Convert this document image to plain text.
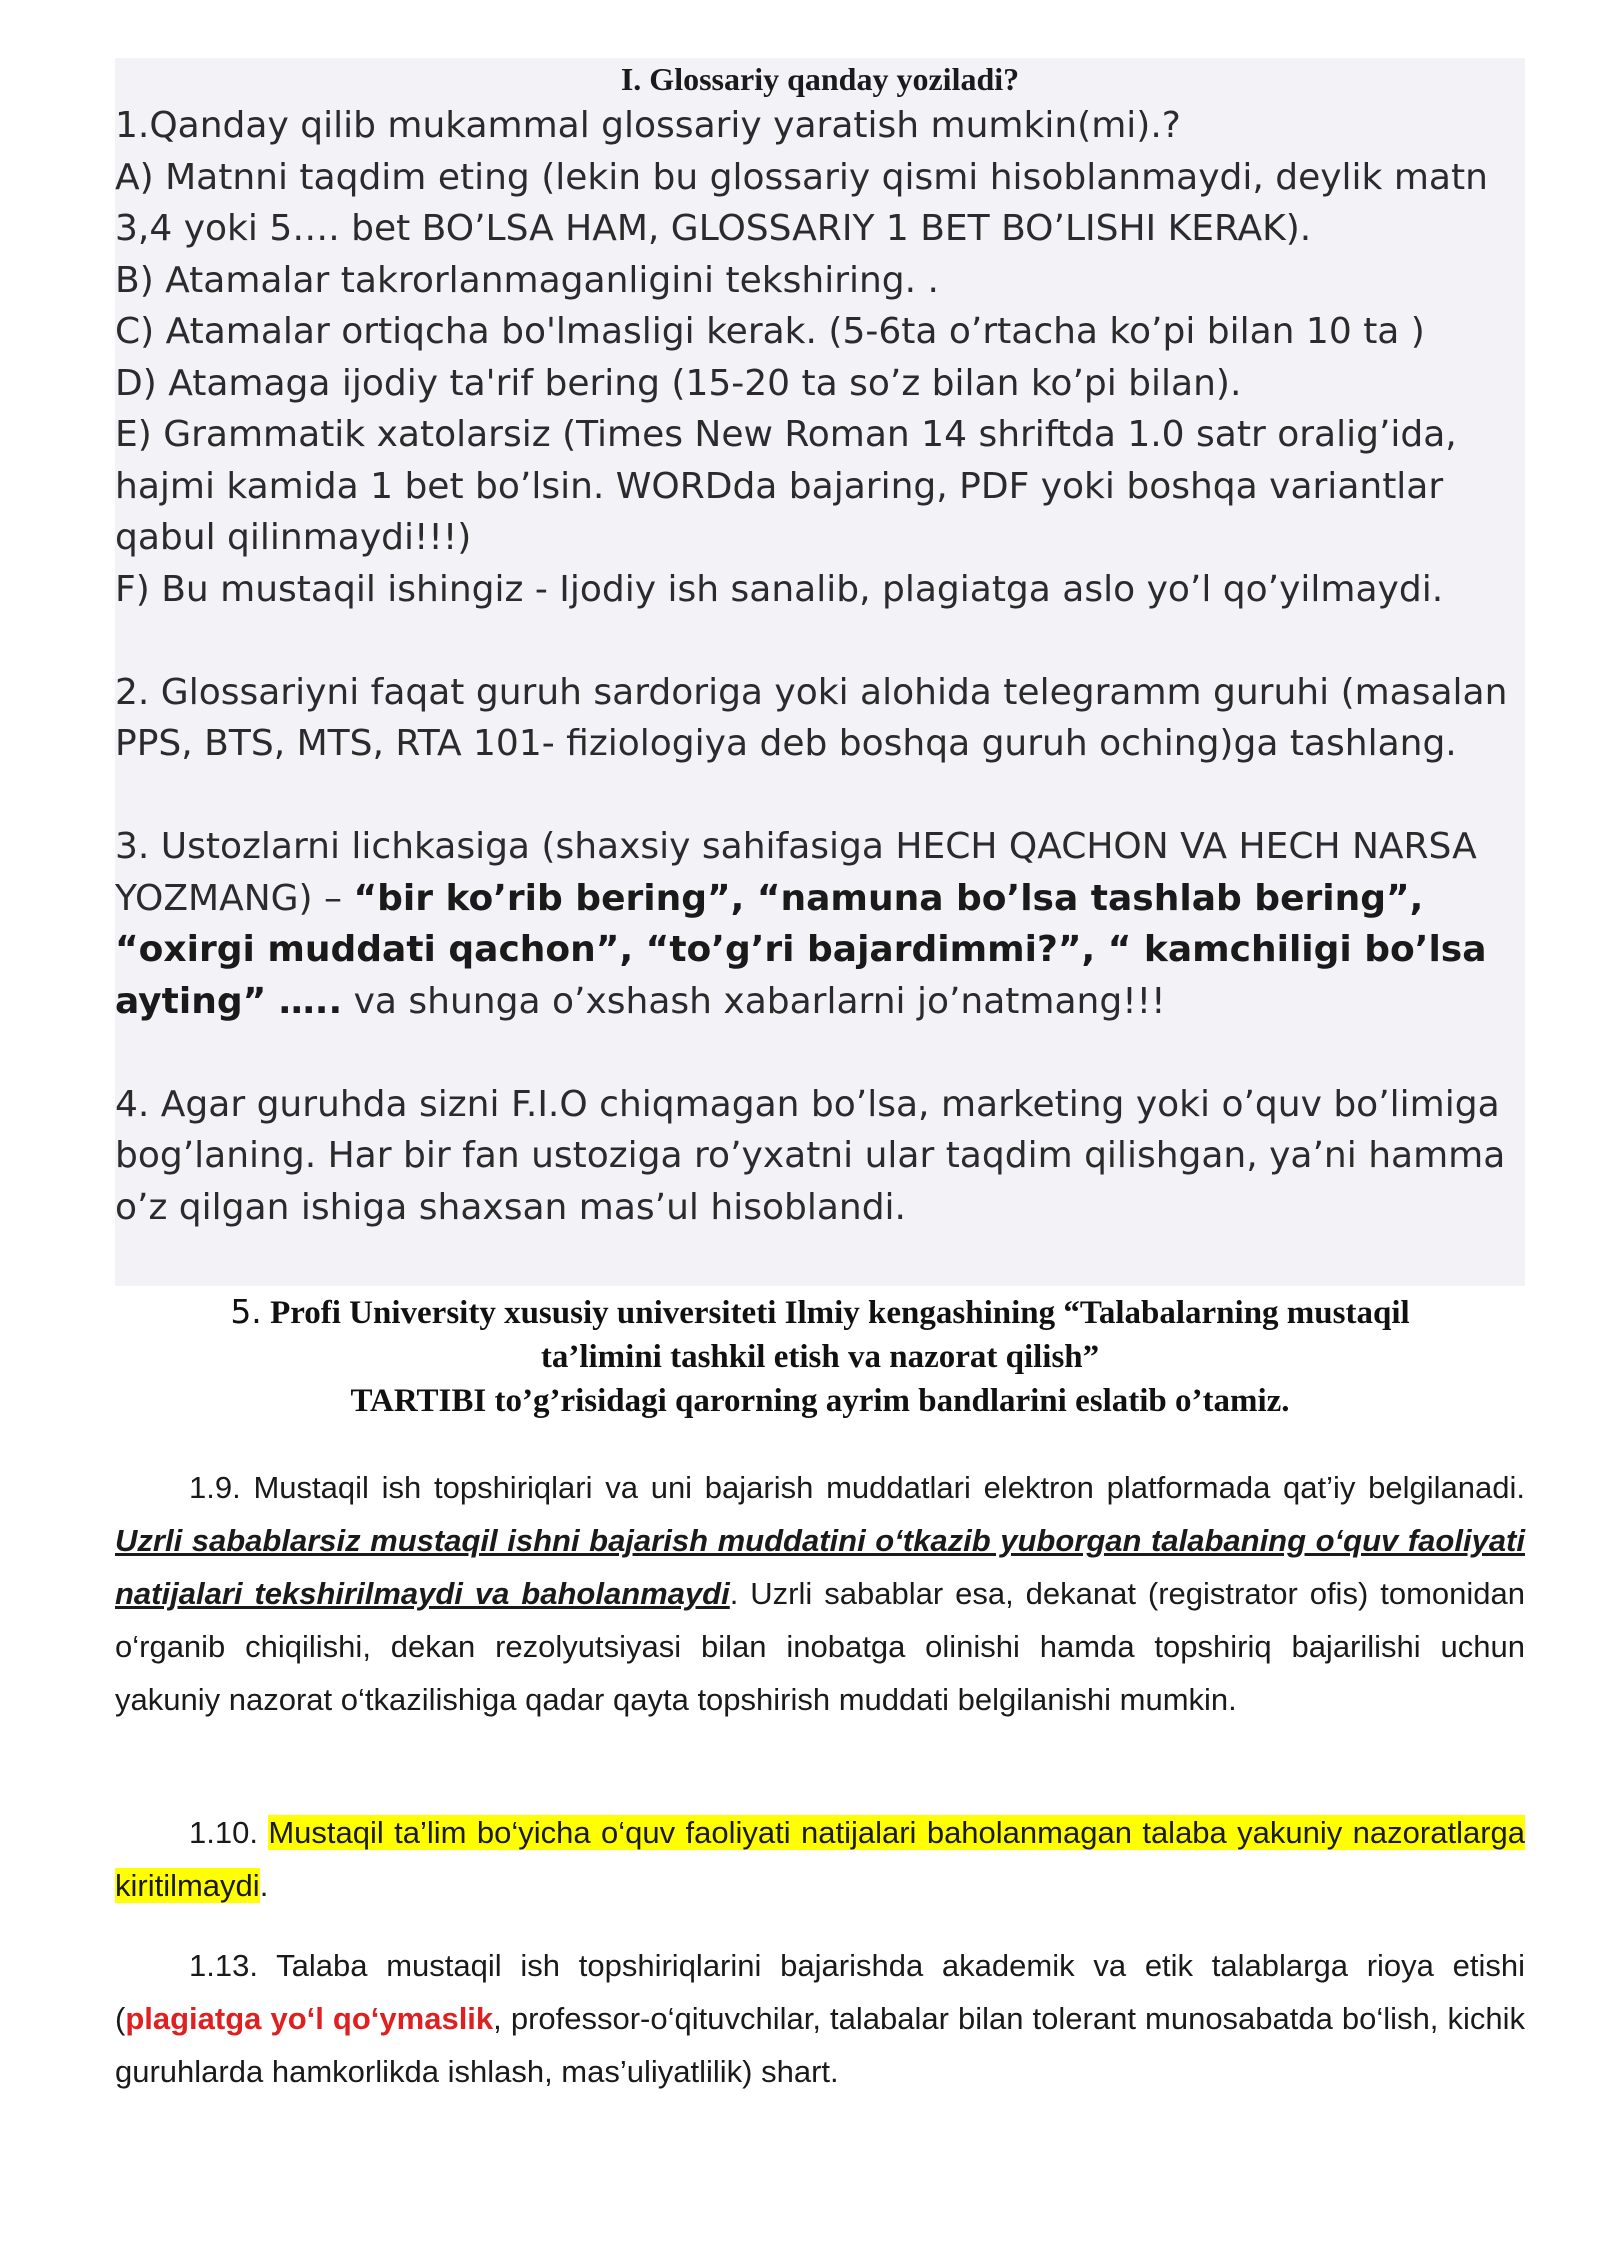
I. Glossariy qanday yoziladi?

1.Qanday qilib mukammal glossariy yaratish mumkin(mi).?

A) Matnni taqdim eting (lekin bu glossariy qismi hisoblanmaydi, deylik matn 3,4 yoki 5…. bet BO’LSA HAM, GLOSSARIY 1 BET BO’LISHI KERAK).

B) Atamalar takrorlanmaganligini tekshiring. .

C) Atamalar ortiqcha bo'lmasligi kerak. (5-6ta o’rtacha ko’pi bilan 10 ta )

D) Atamaga ijodiy ta'rif bering (15-20 ta so’z bilan ko’pi bilan).

E) Grammatik xatolarsiz (Times New Roman 14 shriftda 1.0 satr oralig’ida, hajmi kamida 1 bet bo’lsin. WORDda bajaring, PDF yoki boshqa variantlar qabul qilinmaydi!!!)

F) Bu mustaqil ishingiz - Ijodiy ish sanalib, plagiatga aslo yo’l qo’yilmaydi.

2. Glossariyni faqat guruh sardoriga yoki alohida telegramm guruhi (masalan PPS, BTS, MTS, RTA 101- fiziologiya deb boshqa guruh oching)ga tashlang.

3. Ustozlarni lichkasiga (shaxsiy sahifasiga HECH QACHON VA HECH NARSA YOZMANG) – “bir ko’rib bering”, “namuna bo’lsa tashlab bering”, “oxirgi muddati qachon”, “to’g’ri bajardimmi?”, “ kamchiligi bo’lsa ayting” ….. va shunga o’xshash xabarlarni jo’natmang!!!

4. Agar guruhda sizni F.I.O chiqmagan bo’lsa, marketing yoki o’quv bo’limiga bog’laning. Har bir fan ustoziga ro’yxatni ular taqdim qilishgan, ya’ni hamma o’z qilgan ishiga shaxsan mas’ul hisoblandi.

5. Profi University xususiy universiteti Ilmiy kengashining “Talabalarning mustaqil
ta’limini tashkil etish va nazorat qilish”
TARTIBI to’g’risidagi qarorning ayrim bandlarini eslatib o’tamiz.

1.9. Mustaqil ish topshiriqlari va uni bajarish muddatlari elektron platformada qat’iy belgilanadi. Uzrli sabablarsiz mustaqil ishni bajarish muddatini o‘tkazib yuborgan talabaning o‘quv faoliyati natijalari tekshirilmaydi va baholanmaydi. Uzrli sabablar esa, dekanat (registrator ofis) tomonidan o‘rganib chiqilishi, dekan rezolyutsiyasi bilan inobatga olinishi hamda topshiriq bajarilishi uchun yakuniy nazorat o‘tkazilishiga qadar qayta topshirish muddati belgilanishi mumkin.

1.10. Mustaqil ta’lim bo‘yicha o‘quv faoliyati natijalari baholanmagan talaba yakuniy nazoratlarga kiritilmaydi.

1.13. Talaba mustaqil ish topshiriqlarini bajarishda akademik va etik talablarga rioya etishi (plagiatga yo‘l qo‘ymaslik, professor-o‘qituvchilar, talabalar bilan tolerant munosabatda bo‘lish, kichik guruhlarda hamkorlikda ishlash, mas’uliyatlilik) shart.
